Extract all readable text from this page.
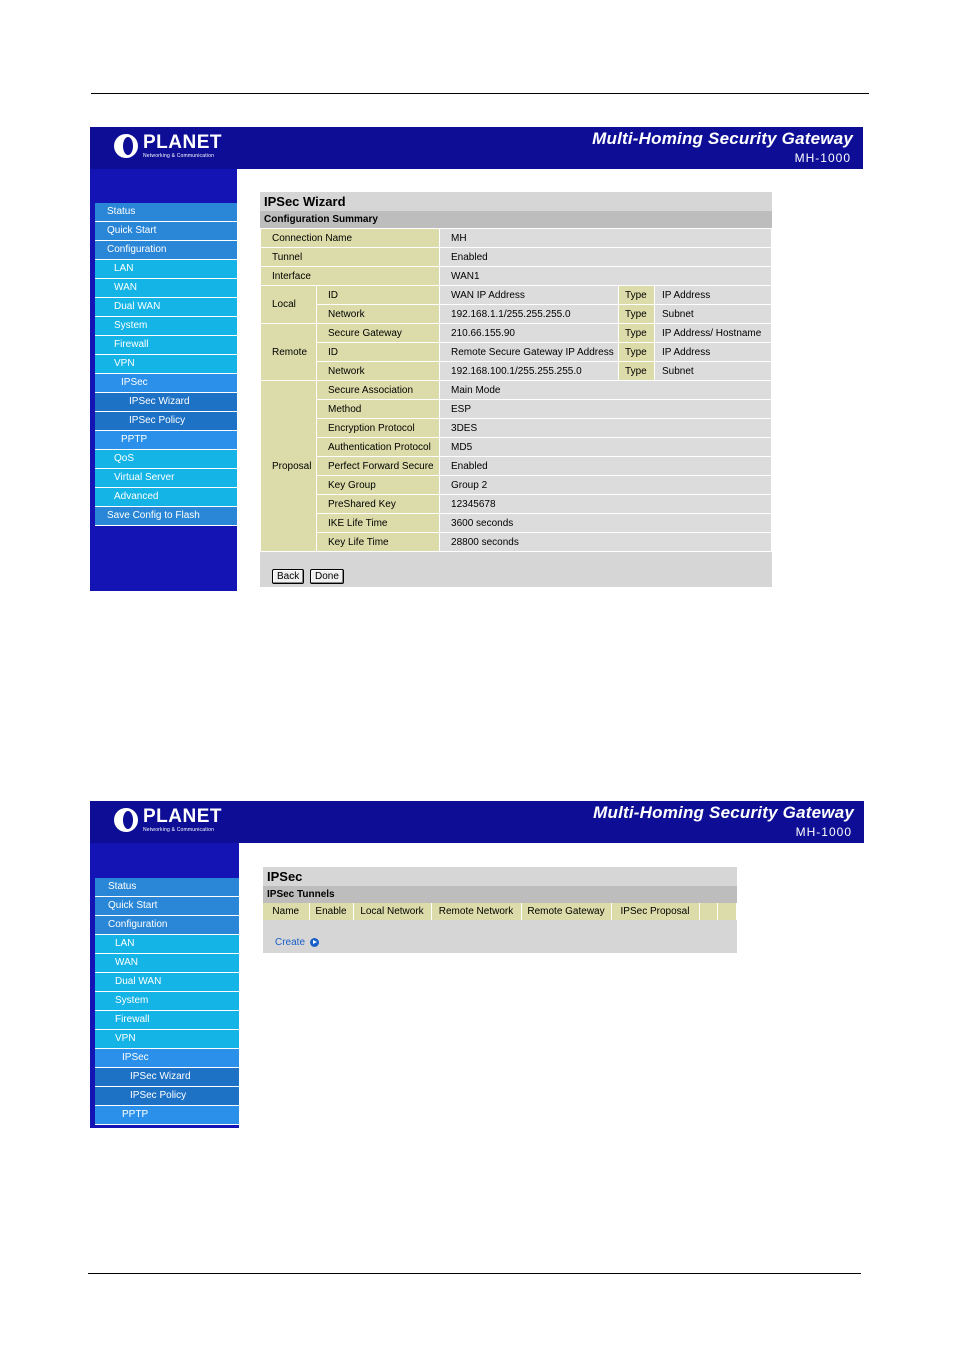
PLANET
Networking & Communication
Multi-Homing Security Gateway
MH-1000
Status
Quick Start
Configuration
LAN
WAN
Dual WAN
System
Firewall
VPN
IPSec
IPSec Wizard
IPSec Policy
PPTP
QoS
Virtual Server
Advanced
Save Config to Flash
IPSec Wizard
Configuration Summary
Connection Name		MH		
Tunnel		Enabled		
Interface		WAN1		
Local	ID	WAN IP Address	Type	IP Address
	Network	192.168.1.1/255.255.255.0	Type	Subnet
Remote	Secure Gateway	210.66.155.90	Type	IP Address/ Hostname
	ID	Remote Secure Gateway IP Address	Type	IP Address
	Network	192.168.100.1/255.255.255.0	Type	Subnet
Proposal	Secure Association	Main Mode		
	Method	ESP		
	Encryption Protocol	3DES		
	Authentication Protocol	MD5		
	Perfect Forward Secure	Enabled		
	Key Group	Group 2		
	PreShared Key	12345678		
	IKE Life Time	3600 seconds		
	Key Life Time	28800 seconds		
Back	Done
PLANET
Networking & Communication
Multi-Homing Security Gateway
MH-1000
Status
Quick Start
Configuration
LAN
WAN
Dual WAN
System
Firewall
VPN
IPSec
IPSec Wizard
IPSec Policy
PPTP
IPSec
IPSec Tunnels
Name	Enable	Local Network	Remote Network	Remote Gateway	IPSec Proposal		
Create
